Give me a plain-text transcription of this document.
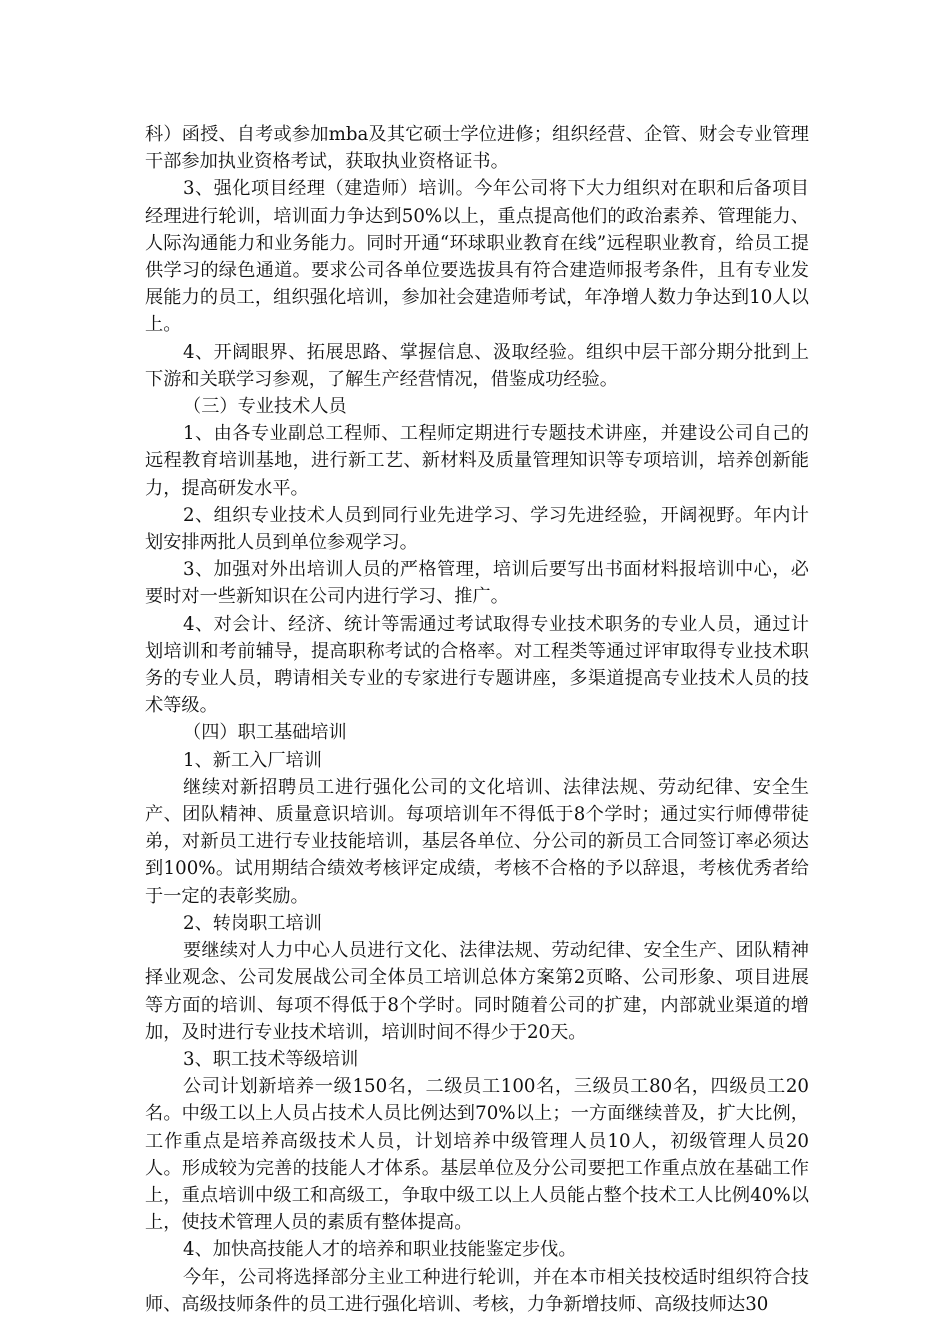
科）函授、自考或参加mba及其它硕士学位进修；组织经营、企管、财会专业管理干部参加执业资格考试，获取执业资格证书。

3、强化项目经理（建造师）培训。今年公司将下大力组织对在职和后备项目经理进行轮训，培训面力争达到50%以上，重点提高他们的政治素养、管理能力、人际沟通能力和业务能力。同时开通“环球职业教育在线”远程职业教育，给员工提供学习的绿色通道。要求公司各单位要选拔具有符合建造师报考条件，且有专业发展能力的员工，组织强化培训，参加社会建造师考试，年净增人数力争达到10人以上。

4、开阔眼界、拓展思路、掌握信息、汲取经验。组织中层干部分期分批到上下游和关联学习参观，了解生产经营情况，借鉴成功经验。

（三）专业技术人员

1、由各专业副总工程师、工程师定期进行专题技术讲座，并建设公司自己的远程教育培训基地，进行新工艺、新材料及质量管理知识等专项培训，培养创新能力，提高研发水平。

2、组织专业技术人员到同行业先进学习、学习先进经验，开阔视野。年内计划安排两批人员到单位参观学习。

3、加强对外出培训人员的严格管理，培训后要写出书面材料报培训中心，必要时对一些新知识在公司内进行学习、推广。

4、对会计、经济、统计等需通过考试取得专业技术职务的专业人员，通过计划培训和考前辅导，提高职称考试的合格率。对工程类等通过评审取得专业技术职务的专业人员，聘请相关专业的专家进行专题讲座，多渠道提高专业技术人员的技术等级。

（四）职工基础培训

1、新工入厂培训

继续对新招聘员工进行强化公司的文化培训、法律法规、劳动纪律、安全生产、团队精神、质量意识培训。每项培训年不得低于8个学时；通过实行师傅带徒弟，对新员工进行专业技能培训，基层各单位、分公司的新员工合同签订率必须达到100%。试用期结合绩效考核评定成绩，考核不合格的予以辞退，考核优秀者给于一定的表彰奖励。

2、转岗职工培训

要继续对人力中心人员进行文化、法律法规、劳动纪律、安全生产、团队精神择业观念、公司发展战公司全体员工培训总体方案第2页略、公司形象、项目进展等方面的培训、每项不得低于8个学时。同时随着公司的扩建，内部就业渠道的增加，及时进行专业技术培训，培训时间不得少于20天。

3、职工技术等级培训

公司计划新培养一级150名，二级员工100名，三级员工80名，四级员工20名。中级工以上人员占技术人员比例达到70%以上；一方面继续普及，扩大比例，工作重点是培养高级技术人员，计划培养中级管理人员10人，初级管理人员20人。形成较为完善的技能人才体系。基层单位及分公司要把工作重点放在基础工作上，重点培训中级工和高级工，争取中级工以上人员能占整个技术工人比例40%以上，使技术管理人员的素质有整体提高。

4、加快高技能人才的培养和职业技能鉴定步伐。

今年，公司将选择部分主业工种进行轮训，并在本市相关技校适时组织符合技师、高级技师条件的员工进行强化培训、考核，力争新增技师、高级技师达30
